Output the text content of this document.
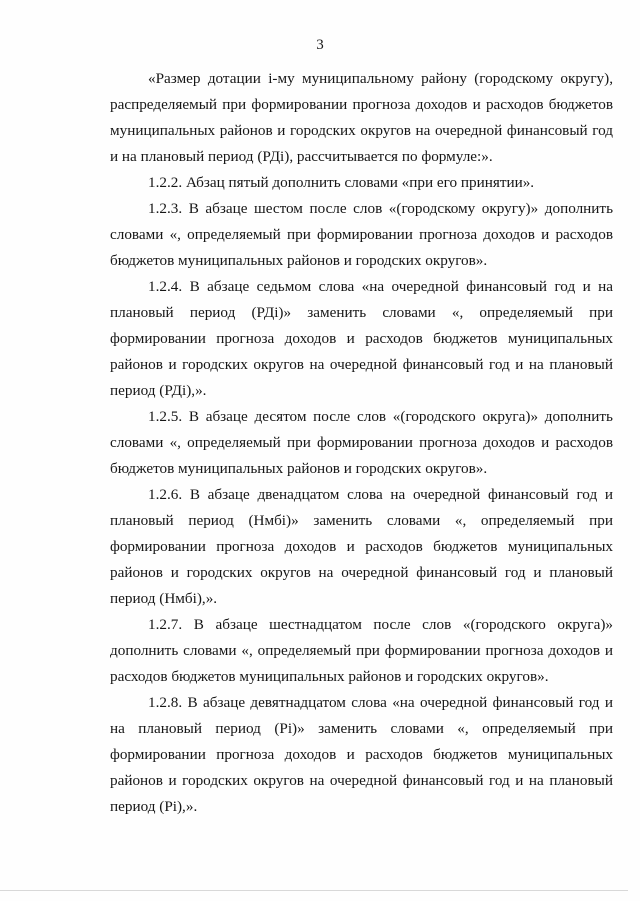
3

«Размер дотации i-му муниципальному району (городскому округу), распределяемый при формировании прогноза доходов и расходов бюджетов муниципальных районов и городских округов на очередной финансовый год и на плановый период (РДi), рассчитывается по формуле:».

1.2.2. Абзац пятый дополнить словами «при его принятии».

1.2.3. В абзаце шестом после слов «(городскому округу)» дополнить словами «, определяемый при формировании прогноза доходов и расходов бюджетов муниципальных районов и городских округов».

1.2.4. В абзаце седьмом слова «на очередной финансовый год и на плановый период (РДi)» заменить словами «, определяемый при формировании прогноза доходов и расходов бюджетов муниципальных районов и городских округов на очередной финансовый год и на плановый период (РДi),».

1.2.5. В абзаце десятом после слов «(городского округа)» дополнить словами «, определяемый при формировании прогноза доходов и расходов бюджетов муниципальных районов и городских округов».

1.2.6. В абзаце двенадцатом слова на очередной финансовый год и плановый период (Нмбi)» заменить словами «, определяемый при формировании прогноза доходов и расходов бюджетов муниципальных районов и городских округов на очередной финансовый год и плановый период (Нмбi),».

1.2.7. В абзаце шестнадцатом после слов «(городского округа)» дополнить словами «, определяемый при формировании прогноза доходов и расходов бюджетов муниципальных районов и городских округов».

1.2.8. В абзаце девятнадцатом слова «на очередной финансовый год и на плановый период (Pi)» заменить словами «, определяемый при формировании прогноза доходов и расходов бюджетов муниципальных районов и городских округов на очередной финансовый год и на плановый период (Pi),».
